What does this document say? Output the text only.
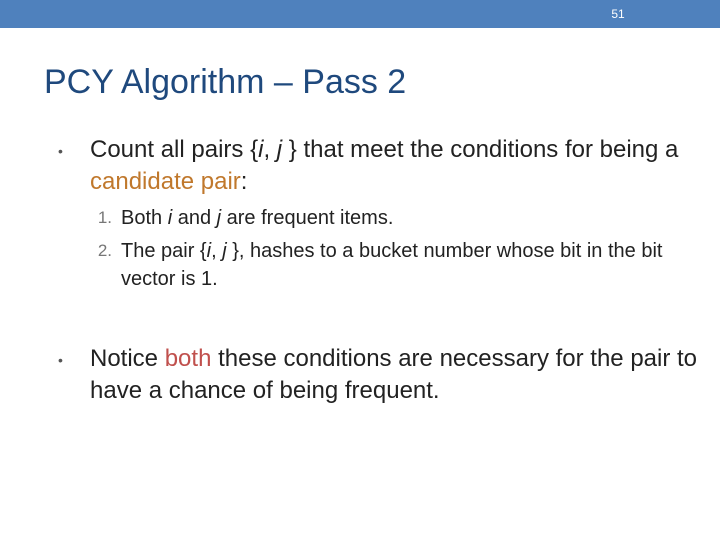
51
PCY Algorithm – Pass 2
• Count all pairs {i, j } that meet the conditions for being a candidate pair:
1. Both i and j are frequent items.
2. The pair {i, j }, hashes to a bucket number whose bit in the bit vector is 1.
• Notice both these conditions are necessary for the pair to have a chance of being frequent.
